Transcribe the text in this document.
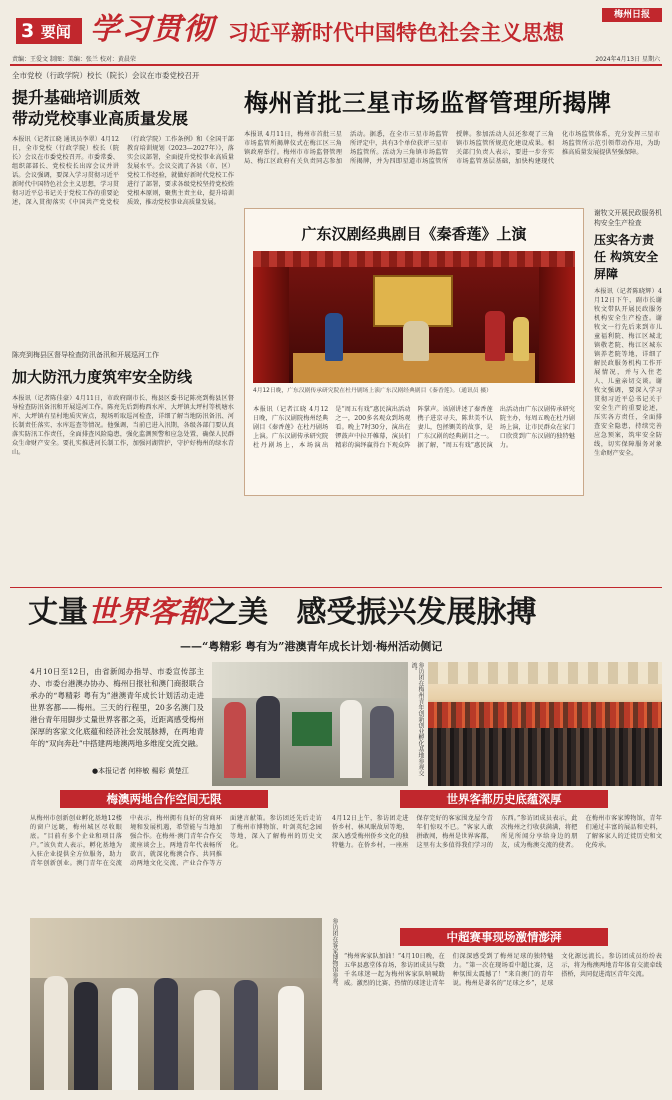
3 要闻 学习贯彻 习近平新时代中国特色社会主义思想
梅州日报
责编：王爱文 制图：美编：张兰 校对：黄晨荣	2024年4月13日 星期六
全市党校（行政学院）校长（院长）会议在市委党校召开
提升基础培训质效
带动党校事业高质量发展
本报讯（记者江晓 通讯员李翠）4月12日，全市党校（行政学院）校长（院长）会议在市委党校召开。市委常委、组织部部长、党校校长出席会议并讲话。会议强调，要深入学习贯彻习近平新时代中国特色社会主义思想，学习贯彻习近平总书记关于党校工作的重要论述，深入贯彻落实《中国共产党党校（行政学院）工作条例》和《全国干部教育培训规划（2023—2027年）》，落实会议部署，全面提升党校事业高质量发展水平。会议交流了各县（市、区）党校工作经验，就做好新时代党校工作进行了部署，要求各级党校坚持党校姓党根本原则，聚焦主责主业，提升培训质效，推动党校事业高质量发展。
陈亮到梅县区督导检查防汛备汛和开展巡河工作
加大防汛力度筑牢安全防线
本报讯（记者陈佳豪）4月11日，市政府副市长、梅县区委书记陈亮到梅县区督导检查防汛备汛和开展巡河工作。陈亮先后到梅西水库、大坪镇太坪村等机塘水库、大坪镇有星村地质灾害点，现场听取巡河检查，详细了解当地防汛备汛、河长制责任落实、水库巡查等情况。他强调，当前已进入汛期，各级各部门要认真落实防汛工作责任，全面排查风险隐患，强化监测预警和应急处置，确保人民群众生命财产安全。要扎实推进河长制工作，加强河湖管护，守护好梅州的绿水青山。
梅州首批三星市场监督管理所揭牌
本报讯 4月11日，梅州市首批三星市场监管所揭牌仪式在梅江区三角镇政府举行。梅州市市场监督管理局、梅江区政府有关负责同志参加活动。据悉，在全市三星市场监管所评定中，共有3个单位获评三星市场监管所。活动为三角镇市场监管所揭牌，并为四即星道市场监管所授牌。参加活动人员还参观了三角镇市场监管所规范化建设成果。相关部门负责人表示，要进一步夯实市场监管基层基础，加快构建现代化市场监管体系，充分发挥三星市场监管所示范引领带动作用，为助推高质量发展提供坚强保障。
广东汉剧经典剧目《秦香莲》上演
4月12日晚，广东汉剧传承研究院在杜丹剧场上演广东汉剧经典剧目《秦香莲》。（通讯员 摄）
本报讯（记者江晓 4月12日晚，广东汉剧院梅州经典剧目《秦香莲》在杜丹剧场上演。广东汉剧传承研究院杜丹剧场上，本场演出是“周五有戏”惠民演出活动之一，200多名观众到场观看。晚上7时30分，演出在锣鼓声中拉开帷幕，演员们精彩的演绎赢得台下观众阵阵掌声。该剧讲述了秦香莲携子进京寻夫，陈世美不认妻儿，包拯铡美的故事，是广东汉剧的经典剧目之一。据了解，“周五有戏”惠民演出活动由广东汉剧传承研究院主办，每周五晚在杜丹剧场上演，让市民群众在家门口欣赏到广东汉剧的独特魅力。
谢牧文开展民政服务机构安全生产检查
压实各方责任 构筑安全屏障
本报讯（记者陈晓辉）4月12日下午，副市长谢牧文带队开展民政服务机构安全生产检查。谢牧文一行先后来到市儿童福利院、梅江区城北镇敬老院、梅江区城东镇养老院等地，详细了解民政服务机构工作开展情况，并与入住老人、儿童亲切交谈。谢牧文强调，要深入学习贯彻习近平总书记关于安全生产的重要论述，压实各方责任，全面排查安全隐患，持续完善应急预案，筑牢安全防线，切实保障服务对象生命财产安全。
丈量世界客都之美 感受振兴发展脉搏
——“粤精彩 粤有为”港澳青年成长计划·梅州活动侧记
4月10日至12日，由省新闻办指导、市委宣传部主办、市委台港澳办协办、梅州日报社和澳门商报联合承办的“粤精彩 粤有为”港澳青年成长计划活动走进世界客都——梅州。三天的行程里，20多名澳门及港台青年用脚步丈量世界客都之美，近距离感受梅州深厚的客家文化底蕴和经济社会发展脉搏，在两地青年的“双向奔赴”中搭建两地澳两地多维度交流交融。
●本报记者 何梓敏 楊彩 黄楚江	参访团在梅州青年创新创业孵化基地参观交流。
梅澳两地合作空间无限
从梅州市创新创业孵化基地12楼的窗户远眺，梅州城区尽收眼底。“目前有多个企业和项目落户。”该负责人表示，孵化基地为入驻企业提供全方位服务，助力青年创新创业。澳门青年在交流中表示，梅州拥有良好的营商环境和发展机遇，希望能与当地加强合作。在梅州·澳门青年合作交流座谈会上，两地青年代表畅所欲言，就深化梅澳合作、共同推动两地文化交流、产业合作等方面建言献策。参访团还先后走访了梅州市博物馆、叶剑英纪念园等地，深入了解梅州的历史文化。
世界客都历史底蕴深厚
4月12日上午，参访团走进侨乡村、林风眠故居等地，深入感受梅州侨乡文化的独特魅力。在侨乡村，一座座保存完好的客家围龙屋令青年们惊叹不已。“客家人敢拼敢闯，梅州是世界客都，这里有太多值得我们学习的东西。”参访团成员表示，此次梅州之行收获满满，将把所见所闻分享给身边的朋友，成为梅澳交流的使者。在梅州市客家博物馆，青年们通过丰富的展品和史料，了解客家人的迁徙历史和文化传承。
参访团在客家博物馆参观。	中超赛事现场激情澎湃
“梅州客家队加油！”4月10日晚，在五华县惠堂体育场，参访团成员与数千名球迷一起为梅州客家队呐喊助威。激烈的比赛、热情的球迷让青年们深深感受到了梅州足球的独特魅力。“第一次在现场看中超比赛，这种氛围太震撼了！”来自澳门的青年说。梅州是著名的“足球之乡”，足球文化源远流长。参访团成员纷纷表示，将为梅澳两地青年体育交流牵线搭桥，共同促进湾区青年交流。
